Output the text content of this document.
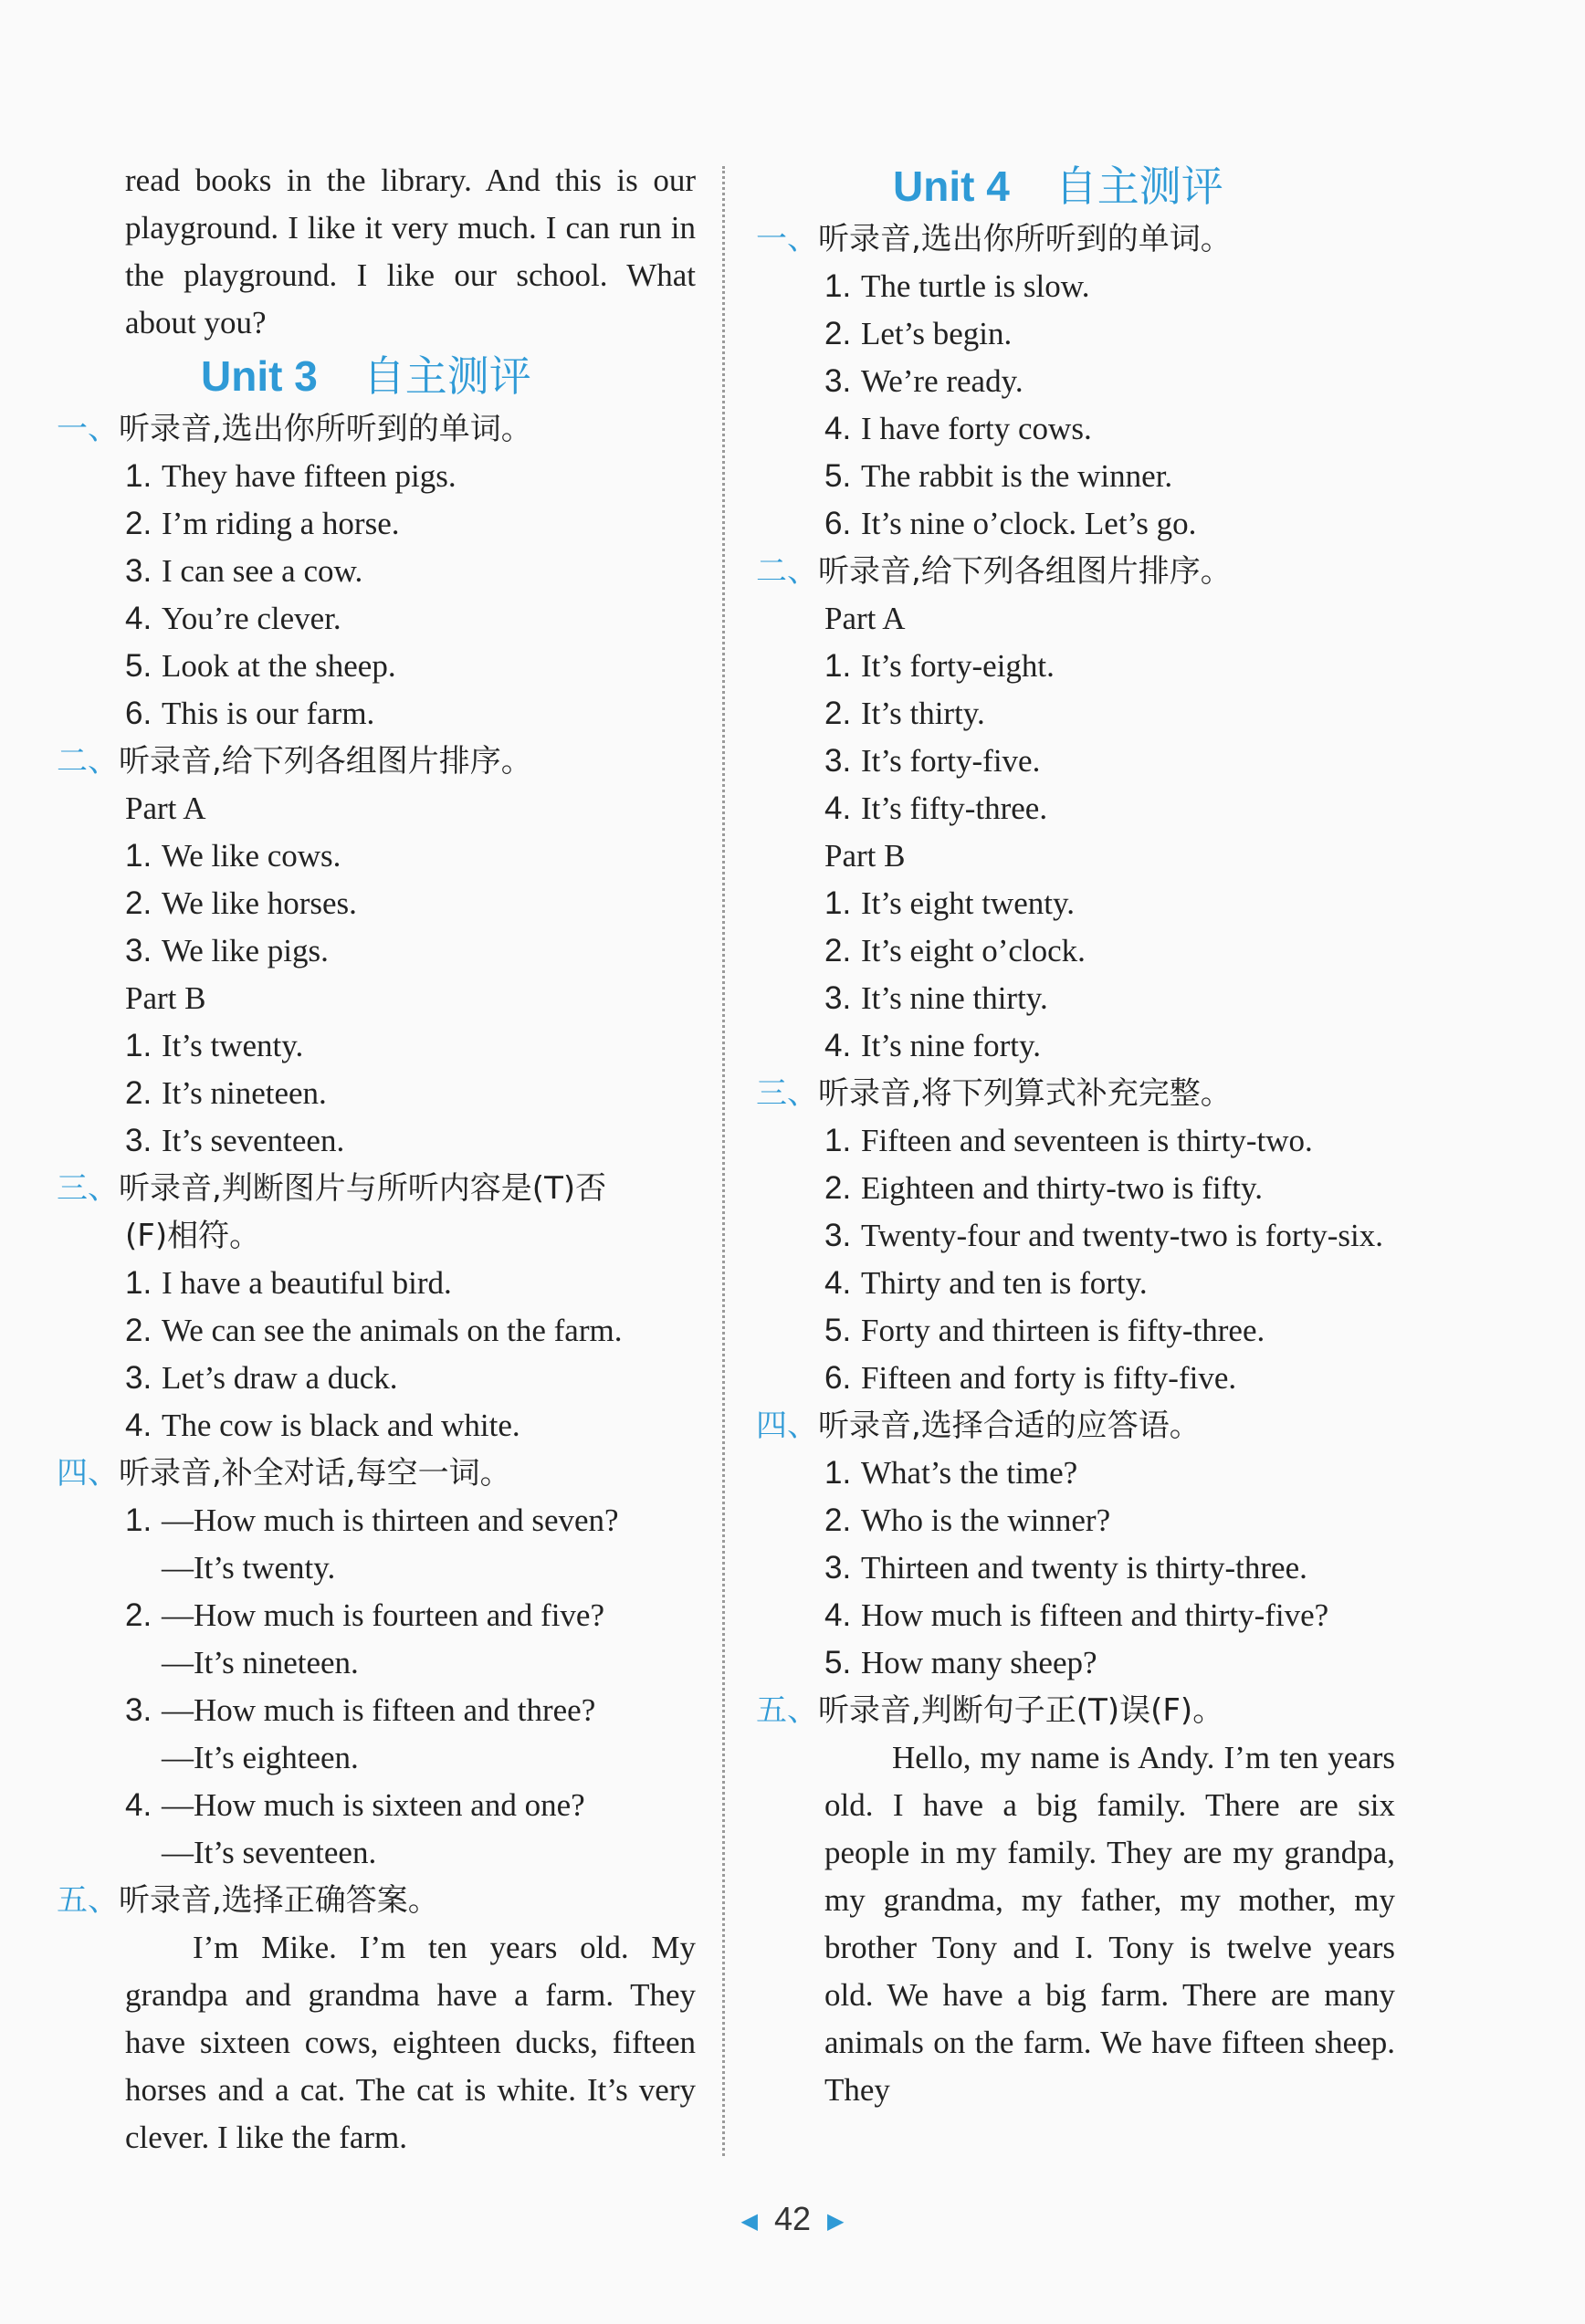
read books in the library. And this is our playground. I like it very much. I can run in the playground. I like our school. What about you?
Unit 3 自主测评
一、听录音,选出你所听到的单词。
1. They have fifteen pigs.
2. I’m riding a horse.
3. I can see a cow.
4. You’re clever.
5. Look at the sheep.
6. This is our farm.
二、听录音,给下列各组图片排序。
Part A
1. We like cows.
2. We like horses.
3. We like pigs.
Part B
1. It’s twenty.
2. It’s nineteen.
3. It’s seventeen.
三、听录音,判断图片与所听内容是(T)否
(F)相符。
1. I have a beautiful bird.
2. We can see the animals on the farm.
3. Let’s draw a duck.
4. The cow is black and white.
四、听录音,补全对话,每空一词。
1. —How much is thirteen and seven?
—It’s twenty.
2. —How much is fourteen and five?
—It’s nineteen.
3. —How much is fifteen and three?
—It’s eighteen.
4. —How much is sixteen and one?
—It’s seventeen.
五、听录音,选择正确答案。
I’m Mike. I’m ten years old. My grandpa and grandma have a farm. They have sixteen cows, eighteen ducks, fifteen horses and a cat. The cat is white. It’s very clever. I like the farm.
Unit 4 自主测评
一、听录音,选出你所听到的单词。
1. The turtle is slow.
2. Let’s begin.
3. We’re ready.
4. I have forty cows.
5. The rabbit is the winner.
6. It’s nine o’clock. Let’s go.
二、听录音,给下列各组图片排序。
Part A
1. It’s forty-eight.
2. It’s thirty.
3. It’s forty-five.
4. It’s fifty-three.
Part B
1. It’s eight twenty.
2. It’s eight o’clock.
3. It’s nine thirty.
4. It’s nine forty.
三、听录音,将下列算式补充完整。
1. Fifteen and seventeen is thirty-two.
2. Eighteen and thirty-two is fifty.
3. Twenty-four and twenty-two is forty-six.
4. Thirty and ten is forty.
5. Forty and thirteen is fifty-three.
6. Fifteen and forty is fifty-five.
四、听录音,选择合适的应答语。
1. What’s the time?
2. Who is the winner?
3. Thirteen and twenty is thirty-three.
4. How much is fifteen and thirty-five?
5. How many sheep?
五、听录音,判断句子正(T)误(F)。
Hello, my name is Andy. I’m ten years old. I have a big family. There are six people in my family. They are my grandpa, my grandma, my father, my mother, my brother Tony and I. Tony is twelve years old. We have a big farm. There are many animals on the farm. We have fifteen sheep. They
◀ 42 ▶
